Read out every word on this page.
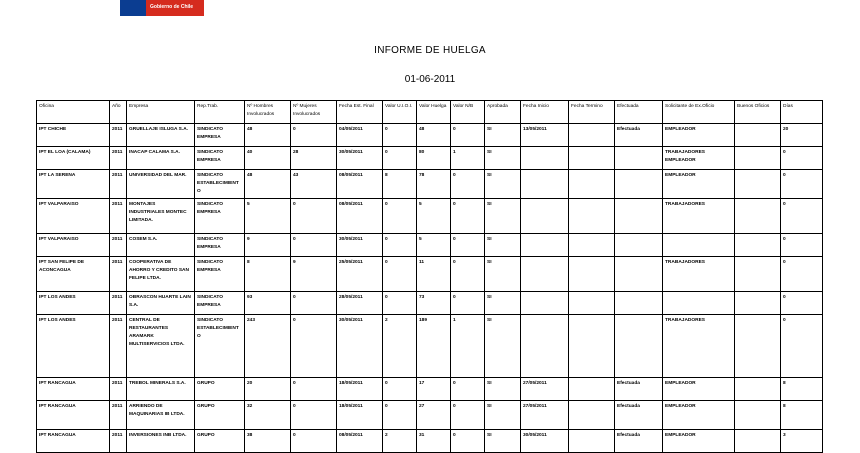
Gobierno de Chile
INFORME DE HUELGA
01-06-2011
Oficina	Año	Empresa	Rep.Trab.	Nº Hombres Involucrados	Nº Mujeres Involucrados	Fecha Est. Final	Valor U.I.O.I.	Valor Huelga	Valor N/B	Aprobada	Fecha Inicio	Fecha Termino	Efectuada	Solicitante de Ex.Oficio	Buenos Oficios	Días
IPT CHICHE	2011	GRUELLAJE ISLUGA S.A.	SINDICATO EMPRESA	48	0	04/05/2011	0	48	0	SI	13/05/2011		Efectuada	EMPLEADOR		20
IPT EL LOA (CALAMA)	2011	INACAP CALAMA S.A.	SINDICATO EMPRESA	40	28	30/05/2011	0	80	1	SI				TRABAJADORES EMPLEADOR		0
IPT LA SERENA	2011	UNIVERSIDAD DEL MAR.	SINDICATO ESTABLECIMIENTO	48	43	08/05/2011	8	78	0	SI				EMPLEADOR		0
IPT VALPARAISO	2011	MONTAJES INDUSTRIALES MONTEC LIMITADA.	SINDICATO EMPRESA	5	0	08/05/2011	0	5	0	SI				TRABAJADORES		0
IPT VALPARAISO	2011	COSEM S.A.	SINDICATO EMPRESA	9	0	30/05/2011	0	5	0	SI						0
IPT SAN FELIPE DE ACONCAGUA	2011	COOPERATIVA DE AHORRO Y CREDITO SAN FELIPE LTDA.	SINDICATO EMPRESA	8	9	25/05/2011	0	11	0	SI				TRABAJADORES		0
IPT LOS ANDES	2011	OBRASCON HUARTE LAIN S.A.	SINDICATO EMPRESA	93	0	28/05/2011	0	73	0	SI						0
IPT LOS ANDES	2011	CENTRAL DE RESTAURANTES ARAMARK MULTISERVICIOS LTDA.	SINDICATO ESTABLECIMIENTO	243	0	30/05/2011	2	189	1	SI				TRABAJADORES		0
IPT RANCAGUA	2011	TREBOL MINERALS S.A.	GRUPO	20	0	18/05/2011	0	17	0	SI	27/05/2011		Efectuada	EMPLEADOR		8
IPT RANCAGUA	2011	ARRIENDO DE MAQUINARIAS IB LTDA.	GRUPO	32	0	18/05/2011	0	27	0	SI	27/05/2011		Efectuada	EMPLEADOR		8
IPT RANCAGUA	2011	INVERSIONES INB LTDA.	GRUPO	38	0	08/05/2011	2	31	0	SI	30/05/2011		Efectuada	EMPLEADOR		3
